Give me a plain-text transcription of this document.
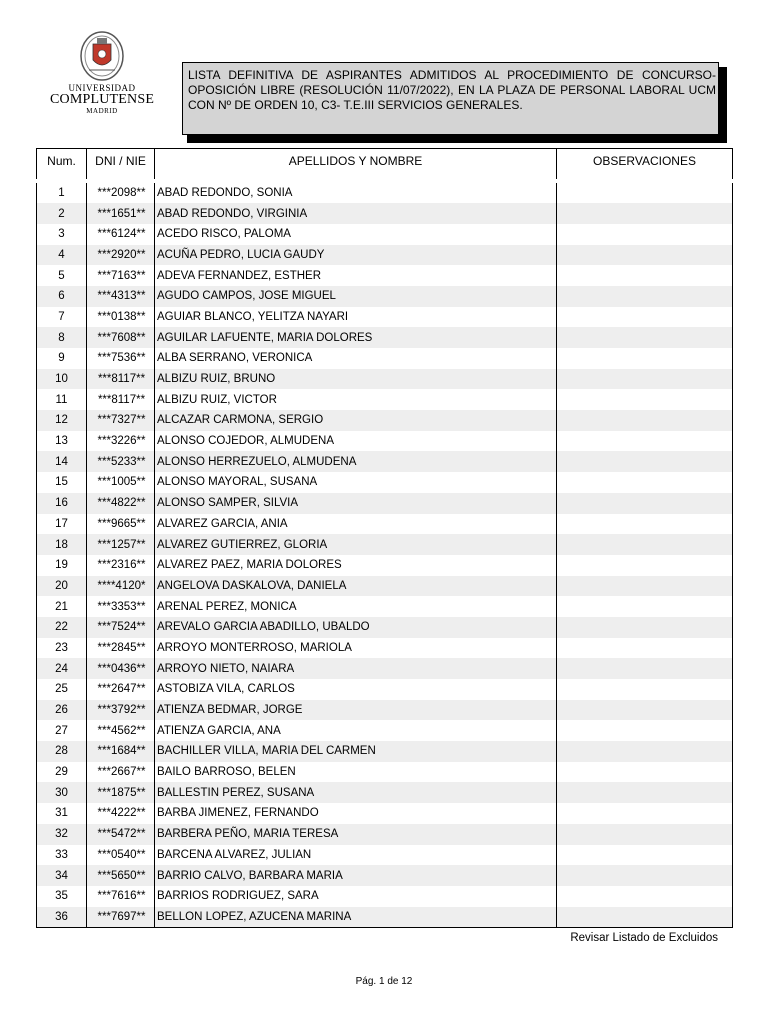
UNIVERSIDAD
COMPLUTENSE
MADRID
LISTA DEFINITIVA DE ASPIRANTES ADMITIDOS AL PROCEDIMIENTO DE CONCURSO-OPOSICIÓN LIBRE (RESOLUCIÓN 11/07/2022), EN LA PLAZA DE PERSONAL LABORAL UCM CON Nº DE ORDEN 10, C3- T.E.III SERVICIOS GENERALES.
Num.	DNI / NIE	APELLIDOS Y NOMBRE	OBSERVACIONES
1	***2098**	ABAD REDONDO, SONIA	
2	***1651**	ABAD REDONDO, VIRGINIA	
3	***6124**	ACEDO RISCO, PALOMA	
4	***2920**	ACUÑA PEDRO, LUCIA GAUDY	
5	***7163**	ADEVA FERNANDEZ, ESTHER	
6	***4313**	AGUDO CAMPOS, JOSE MIGUEL	
7	***0138**	AGUIAR BLANCO, YELITZA NAYARI	
8	***7608**	AGUILAR LAFUENTE, MARIA DOLORES	
9	***7536**	ALBA SERRANO, VERONICA	
10	***8117**	ALBIZU RUIZ, BRUNO	
11	***8117**	ALBIZU RUIZ, VICTOR	
12	***7327**	ALCAZAR CARMONA, SERGIO	
13	***3226**	ALONSO COJEDOR, ALMUDENA	
14	***5233**	ALONSO HERREZUELO, ALMUDENA	
15	***1005**	ALONSO MAYORAL, SUSANA	
16	***4822**	ALONSO SAMPER, SILVIA	
17	***9665**	ALVAREZ GARCIA, ANIA	
18	***1257**	ALVAREZ GUTIERREZ, GLORIA	
19	***2316**	ALVAREZ PAEZ, MARIA DOLORES	
20	****4120*	ANGELOVA DASKALOVA, DANIELA	
21	***3353**	ARENAL PEREZ, MONICA	
22	***7524**	AREVALO GARCIA ABADILLO, UBALDO	
23	***2845**	ARROYO MONTERROSO, MARIOLA	
24	***0436**	ARROYO NIETO, NAIARA	
25	***2647**	ASTOBIZA VILA, CARLOS	
26	***3792**	ATIENZA BEDMAR, JORGE	
27	***4562**	ATIENZA GARCIA, ANA	
28	***1684**	BACHILLER VILLA, MARIA DEL CARMEN	
29	***2667**	BAILO BARROSO, BELEN	
30	***1875**	BALLESTIN PEREZ, SUSANA	
31	***4222**	BARBA JIMENEZ, FERNANDO	
32	***5472**	BARBERA PEÑO, MARIA TERESA	
33	***0540**	BARCENA ALVAREZ, JULIAN	
34	***5650**	BARRIO CALVO, BARBARA MARIA	
35	***7616**	BARRIOS RODRIGUEZ, SARA	
36	***7697**	BELLON LOPEZ, AZUCENA MARINA	
Revisar Listado de Excluidos
Pág. 1 de 12
